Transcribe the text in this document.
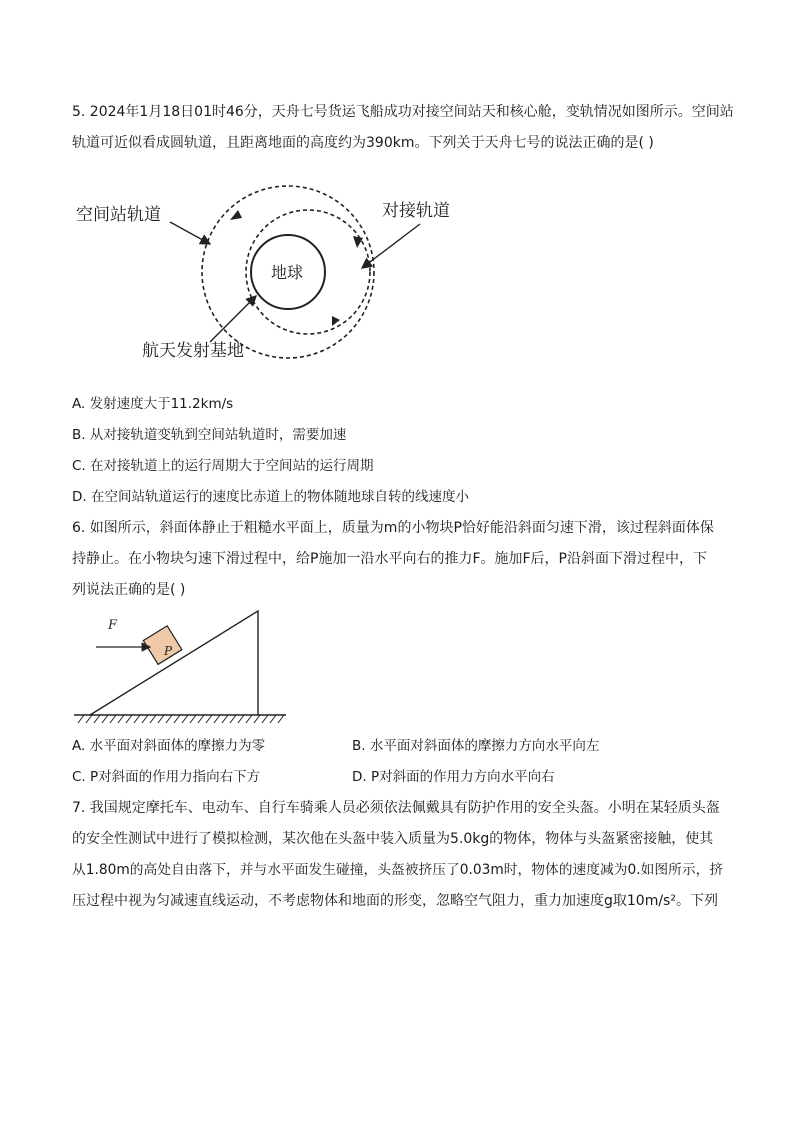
5. 2024年1月18日01时46分，天舟七号货运飞船成功对接空间站天和核心舱，变轨情况如图所示。空间站
轨道可近似看成圆轨道，且距离地面的高度约为390km。下列关于天舟七号的说法正确的是( )
地球
空间站轨道	对接轨道
航天发射基地
A. 发射速度大于11.2km/s
B. 从对接轨道变轨到空间站轨道时，需要加速
C. 在对接轨道上的运行周期大于空间站的运行周期
D. 在空间站轨道运行的速度比赤道上的物体随地球自转的线速度小
6. 如图所示，斜面体静止于粗糙水平面上，质量为m的小物块P恰好能沿斜面匀速下滑，该过程斜面体保
持静止。在小物块匀速下滑过程中，给P施加一沿水平向右的推力F。施加F后，P沿斜面下滑过程中，下
列说法正确的是( )
P
F
A. 水平面对斜面体的摩擦力为零	B. 水平面对斜面体的摩擦力方向水平向左
C. P对斜面的作用力指向右下方	D. P对斜面的作用力方向水平向右
7. 我国规定摩托车、电动车、自行车骑乘人员必须依法佩戴具有防护作用的安全头盔。小明在某轻质头盔
的安全性测试中进行了模拟检测，某次他在头盔中装入质量为5.0kg的物体，物体与头盔紧密接触，使其
从1.80m的高处自由落下，并与水平面发生碰撞，头盔被挤压了0.03m时，物体的速度减为0.如图所示，挤
压过程中视为匀减速直线运动，不考虑物体和地面的形变，忽略空气阻力，重力加速度g取10m/s²。下列
